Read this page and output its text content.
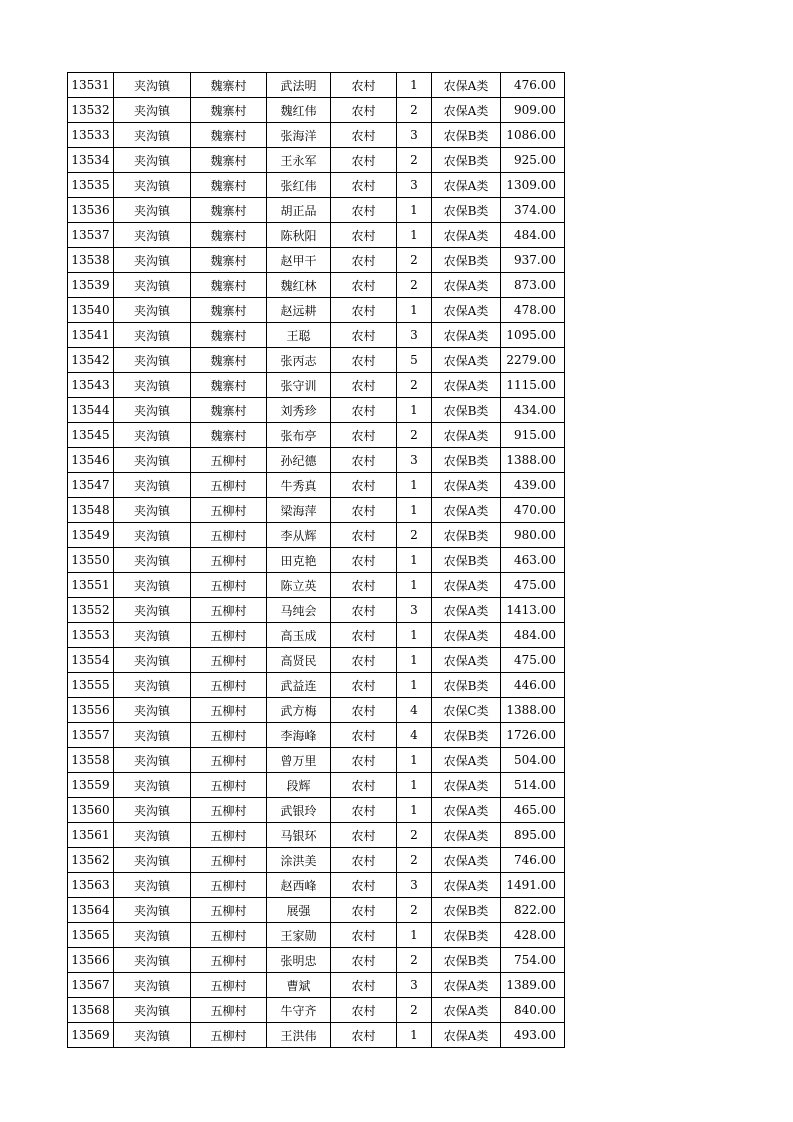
13531	夹沟镇	魏寨村	武法明	农村	1	农保A类	476.00
13532	夹沟镇	魏寨村	魏红伟	农村	2	农保A类	909.00
13533	夹沟镇	魏寨村	张海洋	农村	3	农保B类	1086.00
13534	夹沟镇	魏寨村	王永军	农村	2	农保B类	925.00
13535	夹沟镇	魏寨村	张红伟	农村	3	农保A类	1309.00
13536	夹沟镇	魏寨村	胡正品	农村	1	农保B类	374.00
13537	夹沟镇	魏寨村	陈秋阳	农村	1	农保A类	484.00
13538	夹沟镇	魏寨村	赵甲干	农村	2	农保B类	937.00
13539	夹沟镇	魏寨村	魏红林	农村	2	农保A类	873.00
13540	夹沟镇	魏寨村	赵远耕	农村	1	农保A类	478.00
13541	夹沟镇	魏寨村	王聪	农村	3	农保A类	1095.00
13542	夹沟镇	魏寨村	张丙志	农村	5	农保A类	2279.00
13543	夹沟镇	魏寨村	张守训	农村	2	农保A类	1115.00
13544	夹沟镇	魏寨村	刘秀珍	农村	1	农保B类	434.00
13545	夹沟镇	魏寨村	张布亭	农村	2	农保A类	915.00
13546	夹沟镇	五柳村	孙纪德	农村	3	农保B类	1388.00
13547	夹沟镇	五柳村	牛秀真	农村	1	农保A类	439.00
13548	夹沟镇	五柳村	梁海萍	农村	1	农保A类	470.00
13549	夹沟镇	五柳村	李从辉	农村	2	农保B类	980.00
13550	夹沟镇	五柳村	田克艳	农村	1	农保B类	463.00
13551	夹沟镇	五柳村	陈立英	农村	1	农保A类	475.00
13552	夹沟镇	五柳村	马纯会	农村	3	农保A类	1413.00
13553	夹沟镇	五柳村	高玉成	农村	1	农保A类	484.00
13554	夹沟镇	五柳村	高贤民	农村	1	农保A类	475.00
13555	夹沟镇	五柳村	武益连	农村	1	农保B类	446.00
13556	夹沟镇	五柳村	武方梅	农村	4	农保C类	1388.00
13557	夹沟镇	五柳村	李海峰	农村	4	农保B类	1726.00
13558	夹沟镇	五柳村	曾万里	农村	1	农保A类	504.00
13559	夹沟镇	五柳村	段辉	农村	1	农保A类	514.00
13560	夹沟镇	五柳村	武银玲	农村	1	农保A类	465.00
13561	夹沟镇	五柳村	马银环	农村	2	农保A类	895.00
13562	夹沟镇	五柳村	涂洪美	农村	2	农保A类	746.00
13563	夹沟镇	五柳村	赵西峰	农村	3	农保A类	1491.00
13564	夹沟镇	五柳村	展强	农村	2	农保B类	822.00
13565	夹沟镇	五柳村	王家勋	农村	1	农保B类	428.00
13566	夹沟镇	五柳村	张明忠	农村	2	农保B类	754.00
13567	夹沟镇	五柳村	曹斌	农村	3	农保A类	1389.00
13568	夹沟镇	五柳村	牛守齐	农村	2	农保A类	840.00
13569	夹沟镇	五柳村	王洪伟	农村	1	农保A类	493.00
